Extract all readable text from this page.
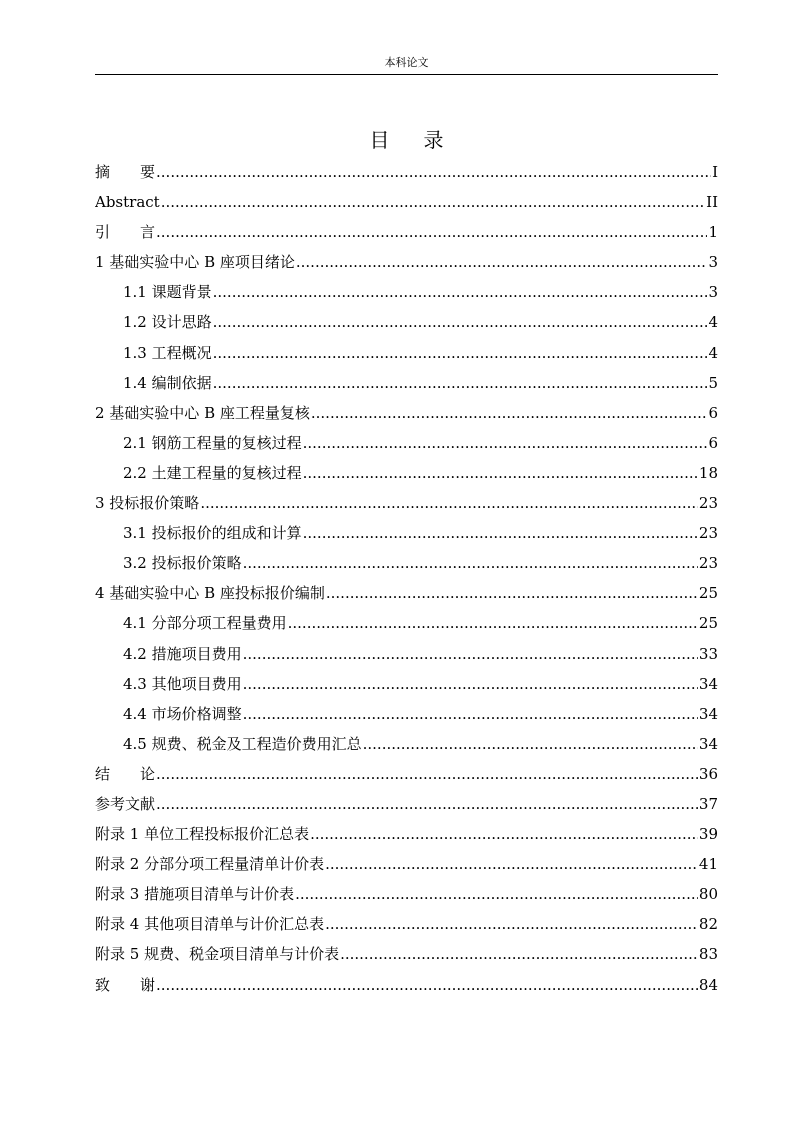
本科论文
目录
摘要 .....	I
Abstract .....	II
引言 .....	1
1 基础实验中心 B 座项目绪论 .....	3
1.1 课题背景 .....	3
1.2 设计思路 .....	4
1.3 工程概况 .....	4
1.4 编制依据 .....	5
2 基础实验中心 B 座工程量复核 .....	6
2.1 钢筋工程量的复核过程 .....	6
2.2 土建工程量的复核过程 .....	18
3 投标报价策略 .....	23
3.1 投标报价的组成和计算 .....	23
3.2 投标报价策略 .....	23
4 基础实验中心 B 座投标报价编制 .....	25
4.1 分部分项工程量费用 .....	25
4.2 措施项目费用 .....	33
4.3 其他项目费用 .....	34
4.4 市场价格调整 .....	34
4.5 规费、税金及工程造价费用汇总 .....	34
结论 .....	36
参考文献 .....	37
附录 1 单位工程投标报价汇总表 .....	39
附录 2 分部分项工程量清单计价表 .....	41
附录 3 措施项目清单与计价表 .....	80
附录 4 其他项目清单与计价汇总表 .....	82
附录 5 规费、税金项目清单与计价表 .....	83
致谢 .....	84
